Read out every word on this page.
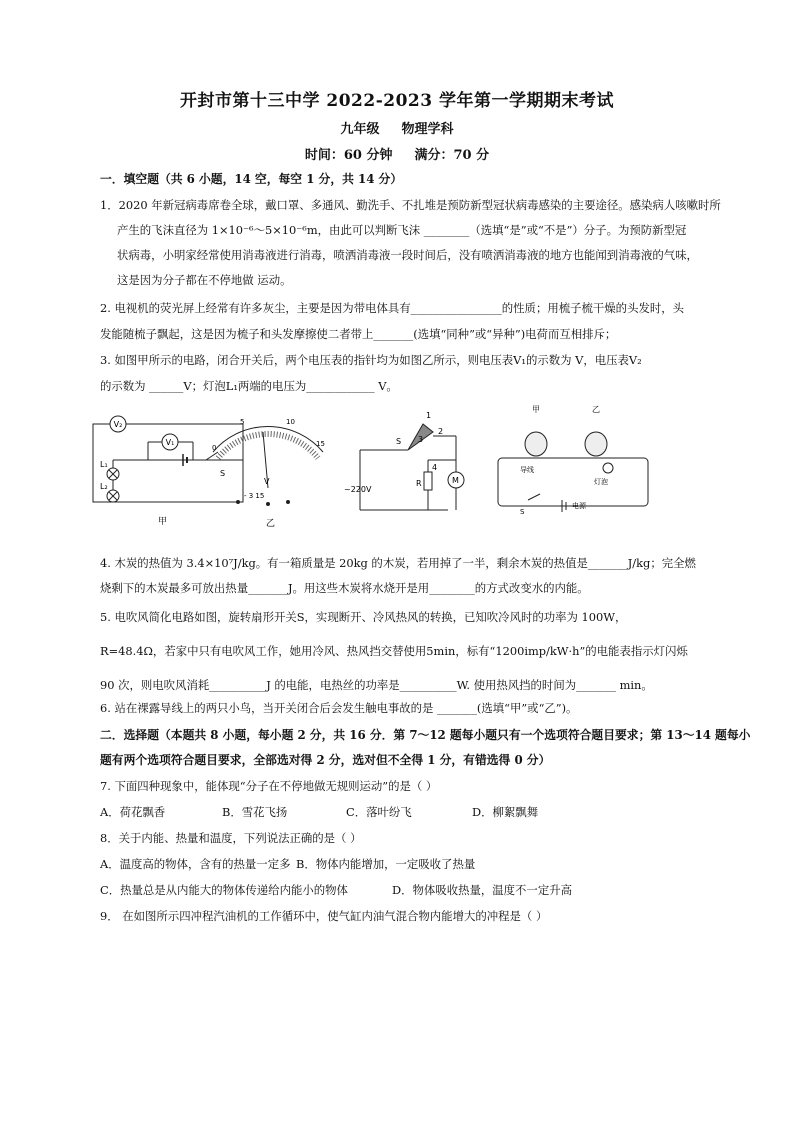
开封市第十三中学 2022-2023 学年第一学期期末考试
九年级 物理学科
时间：60 分钟 满分：70 分
一．填空题（共 6 小题，14 空，每空 1 分，共 14 分）
1．2020 年新冠病毒席卷全球，戴口罩、多通风、勤洗手、不扎堆是预防新型冠状病毒感染的主要途径。感染病人咳嗽时所
产生的飞沫直径为 1×10⁻⁶～5×10⁻⁶m，由此可以判断飞沫 ________（选填“是”或“不是”）分子。为预防新型冠
状病毒，小明家经常使用消毒液进行消毒，喷洒消毒液一段时间后，没有喷洒消毒液的地方也能闻到消毒液的气味，
这是因为分子都在不停地做 运动。
2. 电视机的荧光屏上经常有许多灰尘，主要是因为带电体具有________________的性质；用梳子梳干燥的头发时，头
发能随梳子飘起，这是因为梳子和头发摩擦使二者带上_______(选填“同种”或“异种”)电荷而互相排斥；
3. 如图甲所示的电路，闭合开关后，两个电压表的指针均为如图乙所示，则电压表V₁的示数为 V，电压表V₂
的示数为 ______V；灯泡L₁两端的电压为____________ V。
V₂
V₁
L₁
L₂
S
甲
0
5	10
15
V
- 3 15
乙
S
1
2
3
4
~220V
R	M
甲	乙
导线
灯泡
S
电源
4. 木炭的热值为 3.4×10⁷J/kg。有一箱质量是 20kg 的木炭，若用掉了一半，剩余木炭的热值是_______J/kg；完全燃
烧剩下的木炭最多可放出热量_______J。用这些木炭将水烧开是用________的方式改变水的内能。
5. 电吹风简化电路如图，旋转扇形开关S，实现断开、冷风热风的转换，已知吹冷风时的功率为 100W，
R=48.4Ω，若家中只有电吹风工作，她用冷风、热风挡交替使用5min，标有“1200imp/kW·h”的电能表指示灯闪烁
90 次，则电吹风消耗__________J 的电能，电热丝的功率是__________W. 使用热风挡的时间为_______ min。
6. 站在裸露导线上的两只小鸟，当开关闭合后会发生触电事故的是 _______(选填“甲”或“乙”)。
二．选择题（本题共 8 小题，每小题 2 分，共 16 分．第 7～12 题每小题只有一个选项符合题目要求；第 13～14 题每小
题有两个选项符合题目要求，全部选对得 2 分，选对但不全得 1 分，有错选得 0 分）
7. 下面四种现象中，能体现“分子在不停地做无规则运动”的是（ ）
A．荷花飘香	B．雪花飞扬	C．落叶纷飞	D．柳絮飘舞
8．关于内能、热量和温度，下列说法正确的是（ ）
A．温度高的物体，含有的热量一定多 B．物体内能增加，一定吸收了热量
C．热量总是从内能大的物体传递给内能小的物体	D．物体吸收热量，温度不一定升高
9． 在如图所示四冲程汽油机的工作循环中，使气缸内油气混合物内能增大的冲程是（ ）
